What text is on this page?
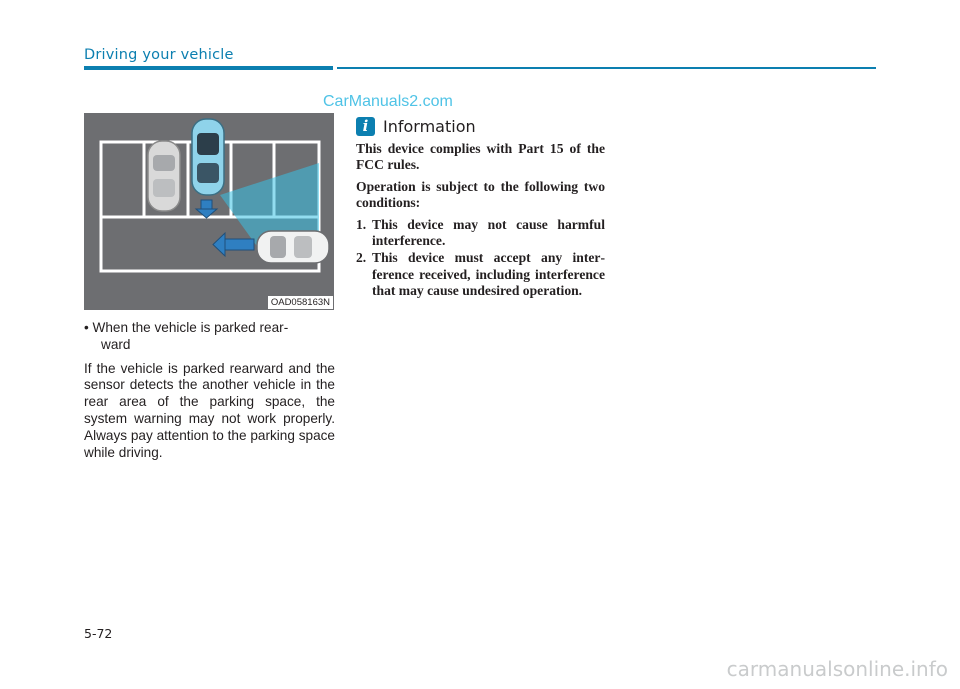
Driving your vehicle
CarManuals2.com
OAD058163N
• When the vehicle is parked rear-
ward
If the vehicle is parked rearward and the sensor detects the another vehicle in the rear area of the parking space, the system warning may not work properly. Always pay attention to the parking space while driving.
i Information

This device complies with Part 15 of the FCC rules.

Operation is subject to the following two conditions:

1. This device may not cause harmful interference.
2. This device must accept any interference received, including interference that may cause undesired operation.
5-72
carmanualsonline.info
